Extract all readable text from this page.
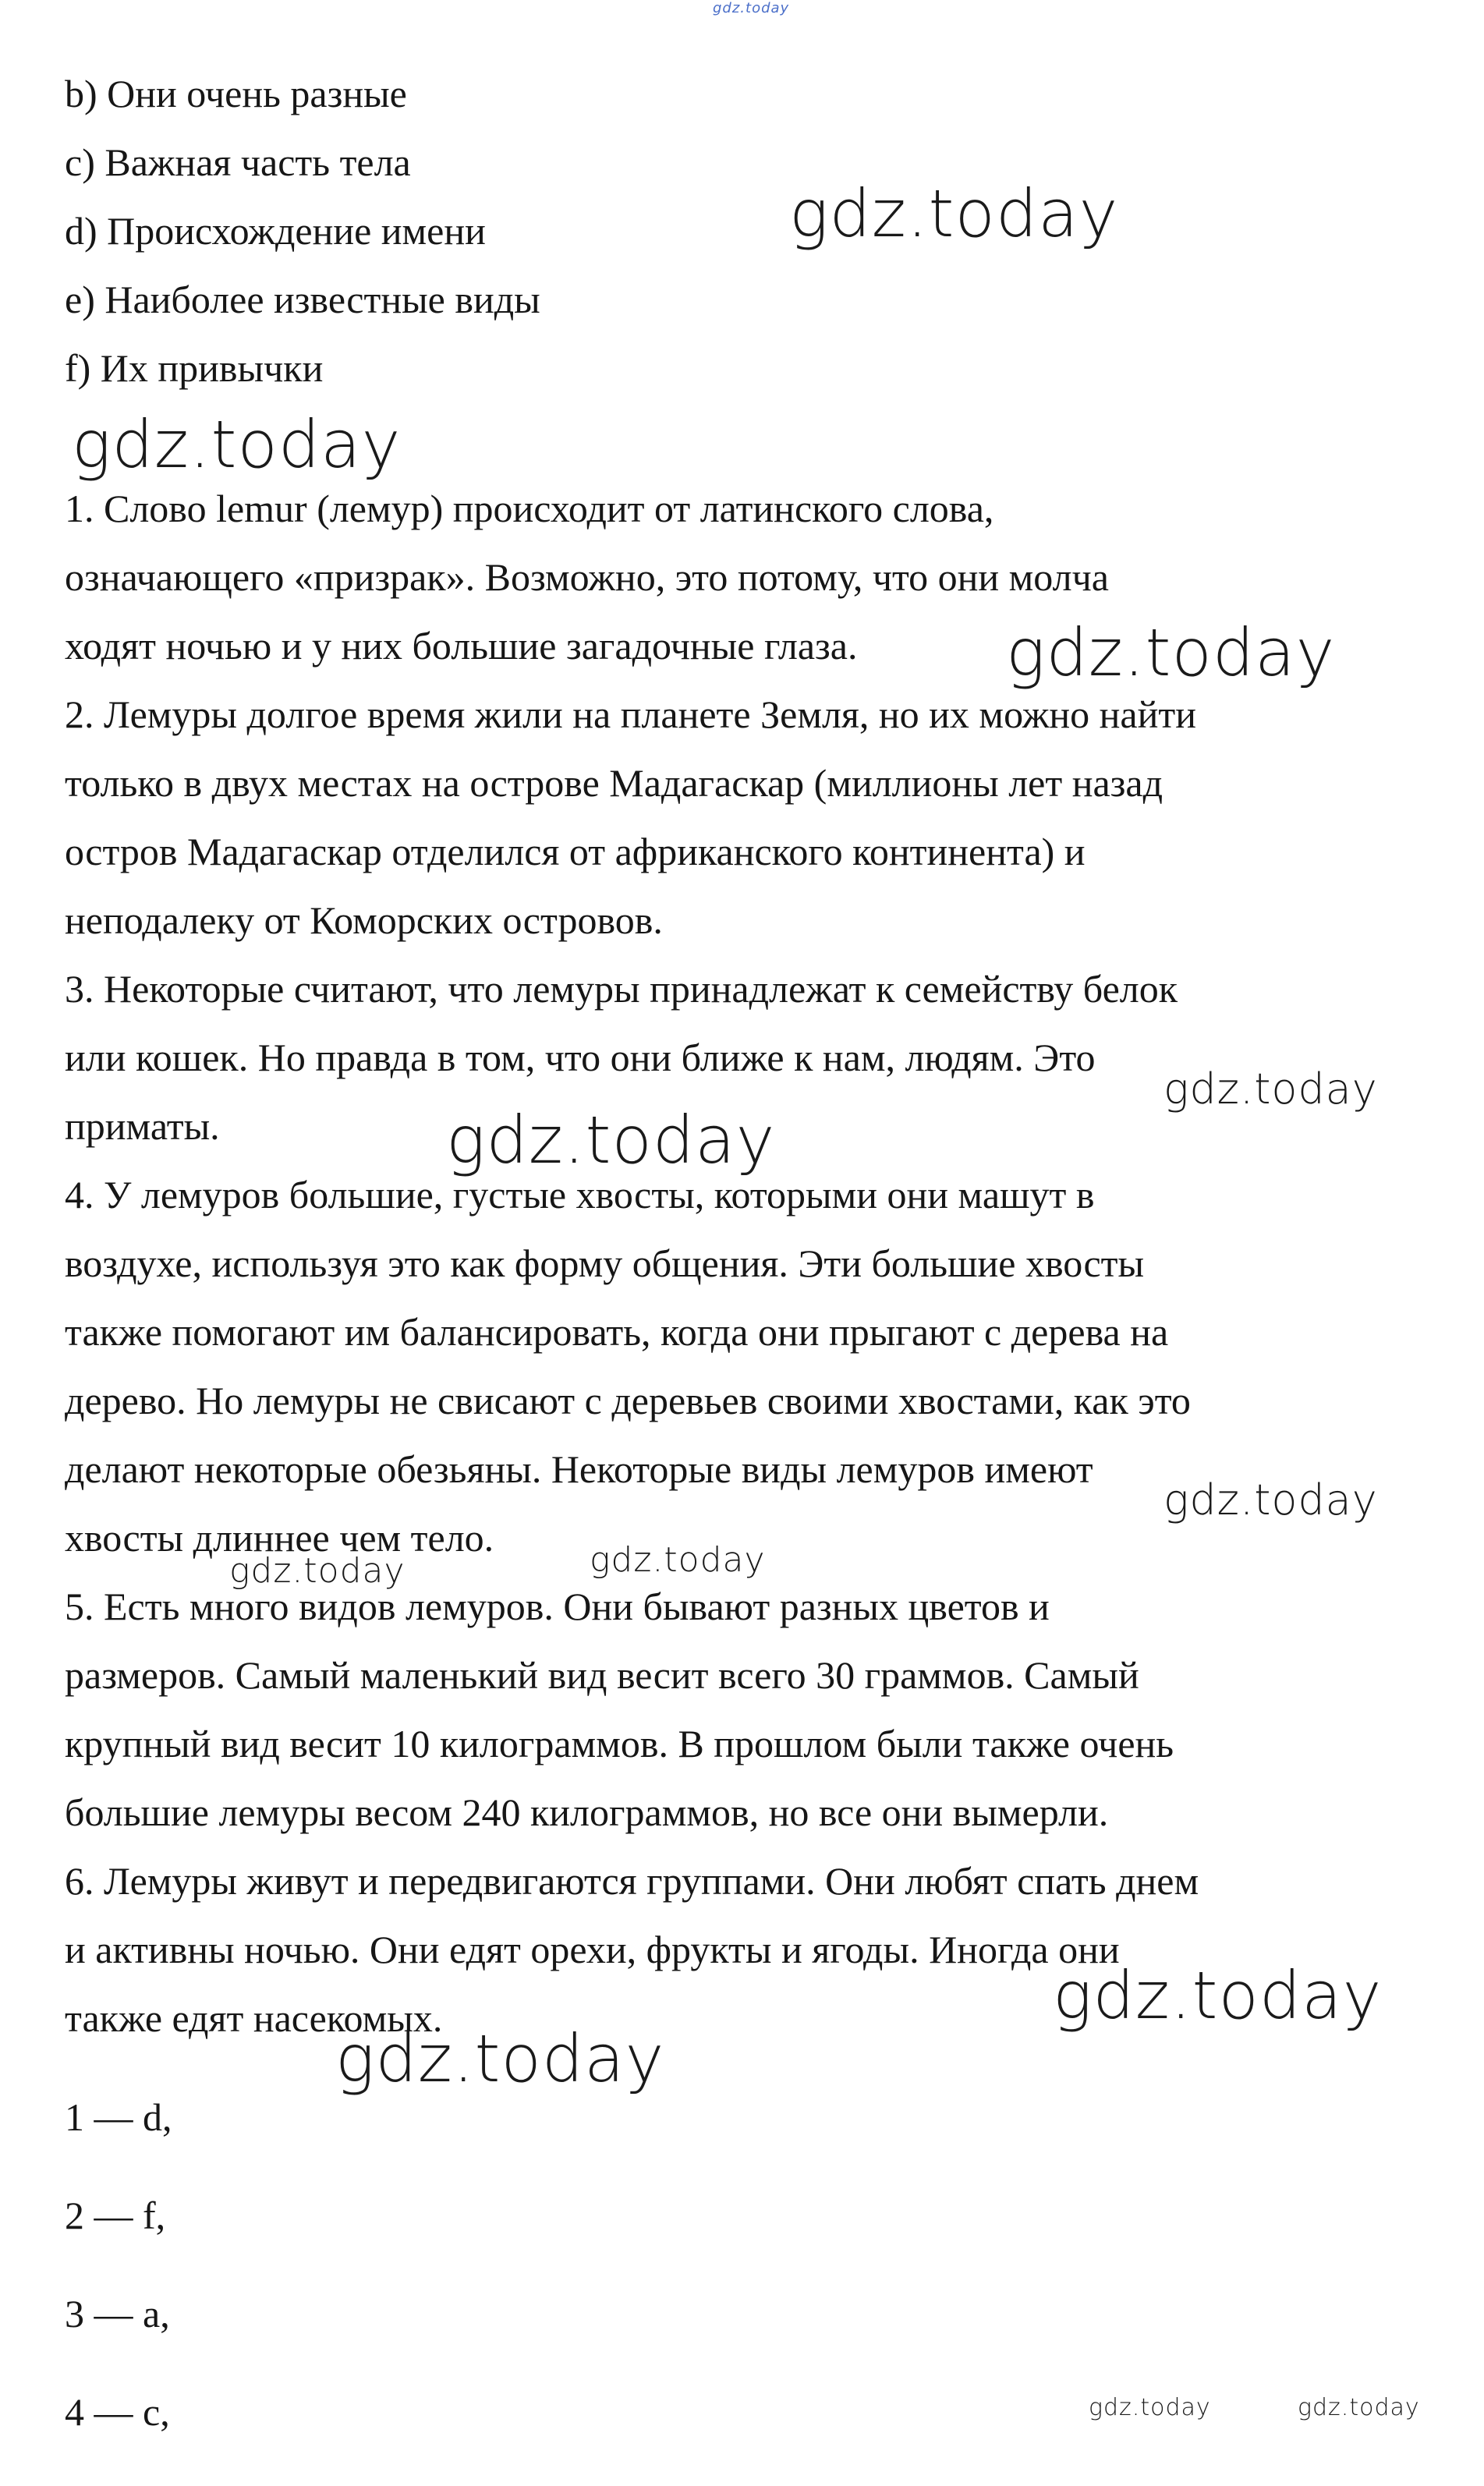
gdz.today
b) Они очень разные
c) Важная часть тела
d) Происхождение имени
e) Наиболее известные виды
f) Их привычки
1. Слово lemur (лемур) происходит от латинского слова,
означающего «призрак». Возможно, это потому, что они молча
ходят ночью и у них большие загадочные глаза.
2. Лемуры долгое время жили на планете Земля, но их можно найти
только в двух местах на острове Мадагаскар (миллионы лет назад
остров Мадагаскар отделился от африканского континента) и
неподалеку от Коморских островов.
3. Некоторые считают, что лемуры принадлежат к семейству белок
или кошек. Но правда в том, что они ближе к нам, людям. Это
приматы.
4. У лемуров большие, густые хвосты, которыми они машут в
воздухе, используя это как форму общения. Эти большие хвосты
также помогают им балансировать, когда они прыгают с дерева на
дерево. Но лемуры не свисают с деревьев своими хвостами, как это
делают некоторые обезьяны. Некоторые виды лемуров имеют
хвосты длиннее чем тело.
5. Есть много видов лемуров. Они бывают разных цветов и
размеров. Самый маленький вид весит всего 30 граммов. Самый
крупный вид весит 10 килограммов. В прошлом были также очень
большие лемуры весом 240 килограммов, но все они вымерли.
6. Лемуры живут и передвигаются группами. Они любят спать днем
и активны ночью. Они едят орехи, фрукты и ягоды. Иногда они
также едят насекомых.
1 — d,
2 — f,
3 — a,
4 — c,
gdz.today
gdz.today
gdz.today
gdz.today
gdz.today
gdz.today
gdz.today
gdz.today
gdz.today
gdz.today
gdz.today	gdz.today
